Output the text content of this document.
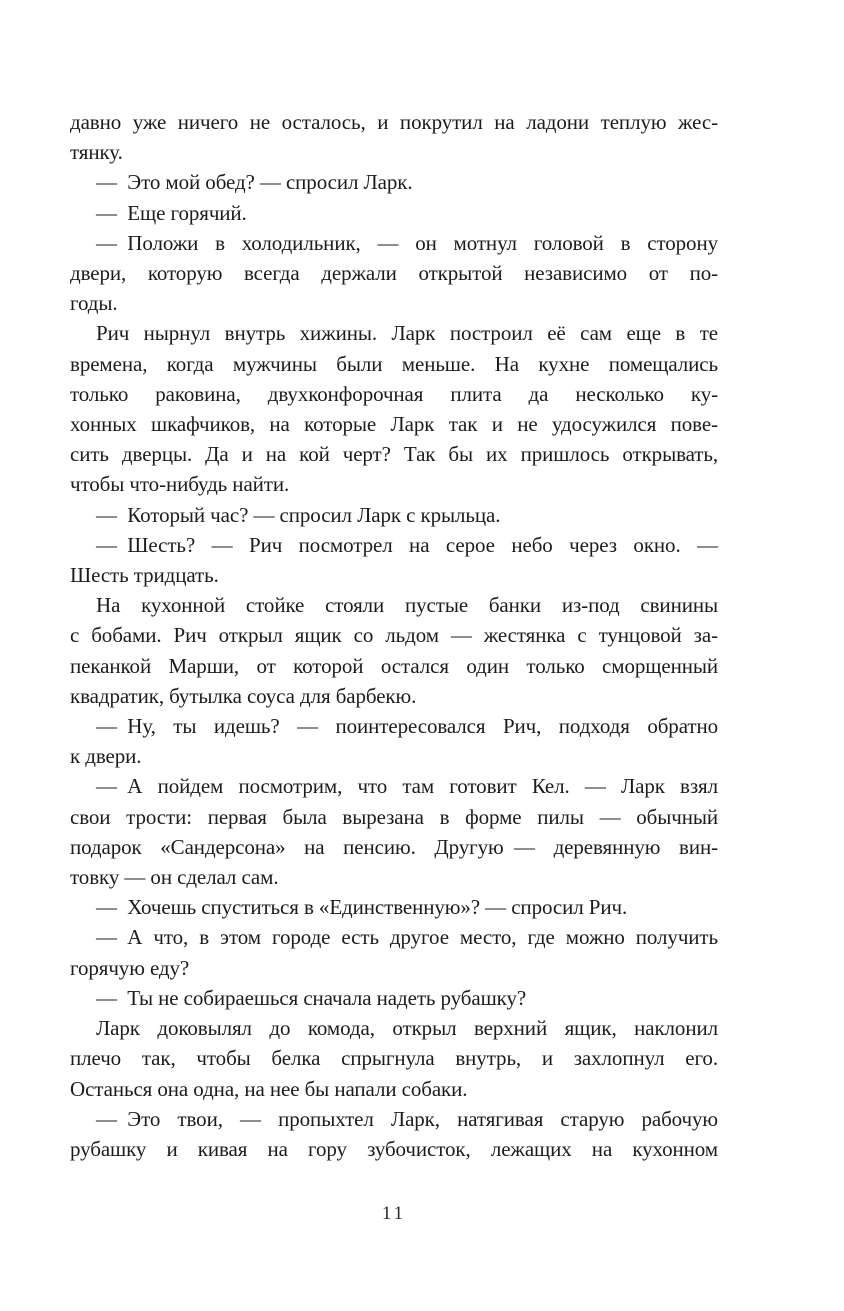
давно уже ничего не осталось, и покрутил на ладони теплую жес-
тянку.
— Это мой обед? — спросил Ларк.
— Еще горячий.
— Положи в холодильник, — он мотнул головой в сторону
двери, которую всегда держали открытой независимо от по-
годы.
Рич нырнул внутрь хижины. Ларк построил её сам еще в те
времена, когда мужчины были меньше. На кухне помещались
только раковина, двухконфорочная плита да несколько ку-
хонных шкафчиков, на которые Ларк так и не удосужился пове-
сить дверцы. Да и на кой черт? Так бы их пришлось открывать,
чтобы что-нибудь найти.
— Который час? — спросил Ларк с крыльца.
— Шесть? — Рич посмотрел на серое небо через окно. —
Шесть тридцать.
На кухонной стойке стояли пустые банки из-под свинины
с бобами. Рич открыл ящик со льдом — жестянка с тунцовой за-
пеканкой Марши, от которой остался один только сморщенный
квадратик, бутылка соуса для барбекю.
— Ну, ты идешь? — поинтересовался Рич, подходя обратно
к двери.
— А пойдем посмотрим, что там готовит Кел. — Ларк взял
свои трости: первая была вырезана в форме пилы — обычный
подарок «Сандерсона» на пенсию. Другую — деревянную вин-
товку — он сделал сам.
— Хочешь спуститься в «Единственную»? — спросил Рич.
— А что, в этом городе есть другое место, где можно получить
горячую еду?
— Ты не собираешься сначала надеть рубашку?
Ларк доковылял до комода, открыл верхний ящик, наклонил
плечо так, чтобы белка спрыгнула внутрь, и захлопнул его.
Останься она одна, на нее бы напали собаки.
— Это твои, — пропыхтел Ларк, натягивая старую рабочую
рубашку и кивая на гору зубочисток, лежащих на кухонном
11
